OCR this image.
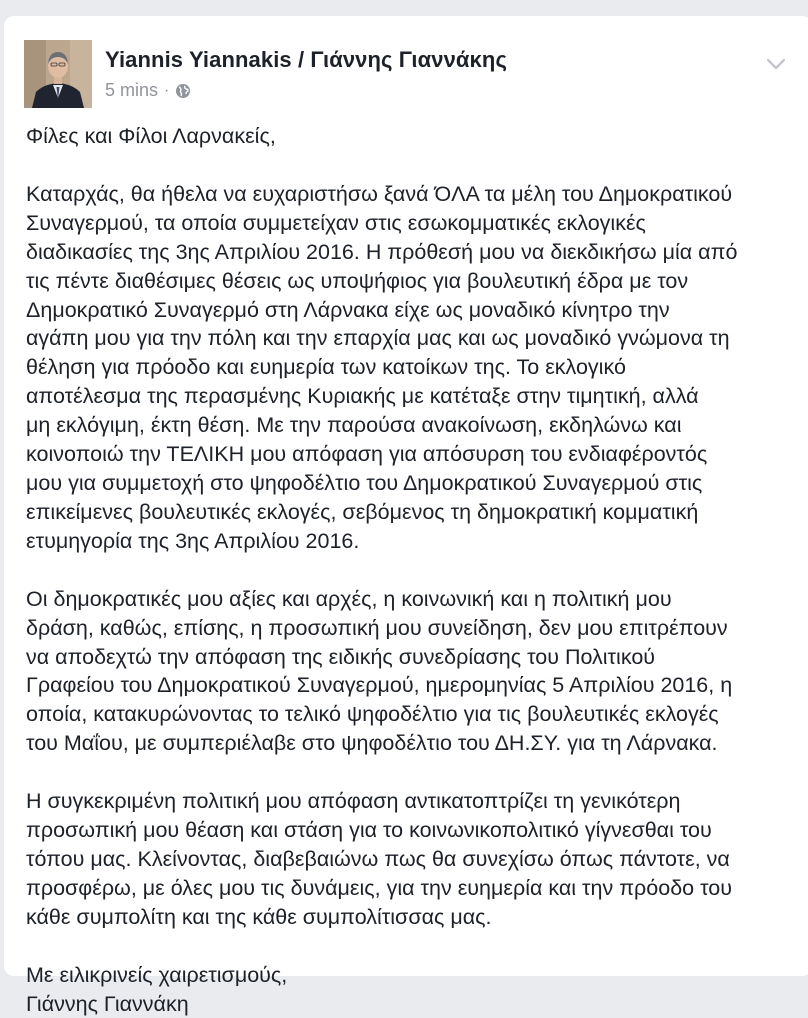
Yiannis Yiannakis / Γιάννης Γιαννάκης
5 mins ·

Φίλες και Φίλοι Λαρνακείς,

Καταρχάς, θα ήθελα να ευχαριστήσω ξανά ΌΛΑ τα μέλη του Δημοκρατικού

Συναγερμού, τα οποία συμμετείχαν στις εσωκομματικές εκλογικές

διαδικασίες της 3ης Απριλίου 2016. Η πρόθεσή μου να διεκδικήσω μία από

τις πέντε διαθέσιμες θέσεις ως υποψήφιος για βουλευτική έδρα με τον

Δημοκρατικό Συναγερμό στη Λάρνακα είχε ως μοναδικό κίνητρο την

αγάπη μου για την πόλη και την επαρχία μας και ως μοναδικό γνώμονα τη

θέληση για πρόοδο και ευημερία των κατοίκων της. Το εκλογικό

αποτέλεσμα της περασμένης Κυριακής με κατέταξε στην τιμητική, αλλά

μη εκλόγιμη, έκτη θέση. Με την παρούσα ανακοίνωση, εκδηλώνω και

κοινοποιώ την ΤΕΛΙΚΗ μου απόφαση για απόσυρση του ενδιαφέροντός

μου για συμμετοχή στο ψηφοδέλτιο του Δημοκρατικού Συναγερμού στις

επικείμενες βουλευτικές εκλογές, σεβόμενος τη δημοκρατική κομματική

ετυμηγορία της 3ης Απριλίου 2016.

Οι δημοκρατικές μου αξίες και αρχές, η κοινωνική και η πολιτική μου

δράση, καθώς, επίσης, η προσωπική μου συνείδηση, δεν μου επιτρέπουν

να αποδεχτώ την απόφαση της ειδικής συνεδρίασης του Πολιτικού

Γραφείου του Δημοκρατικού Συναγερμού, ημερομηνίας 5 Απριλίου 2016, η

οποία, κατακυρώνοντας το τελικό ψηφοδέλτιο για τις βουλευτικές εκλογές

του Μαΐου, με συμπεριέλαβε στο ψηφοδέλτιο του ΔΗ.ΣΥ. για τη Λάρνακα.

Η συγκεκριμένη πολιτική μου απόφαση αντικατοπτρίζει τη γενικότερη

προσωπική μου θέαση και στάση για το κοινωνικοπολιτικό γίγνεσθαι του

τόπου μας. Κλείνοντας, διαβεβαιώνω πως θα συνεχίσω όπως πάντοτε, να

προσφέρω, με όλες μου τις δυνάμεις, για την ευημερία και την πρόοδο του

κάθε συμπολίτη και της κάθε συμπολίτισσας μας.

Με ειλικρινείς χαιρετισμούς,

Γιάννης Γιαννάκη
